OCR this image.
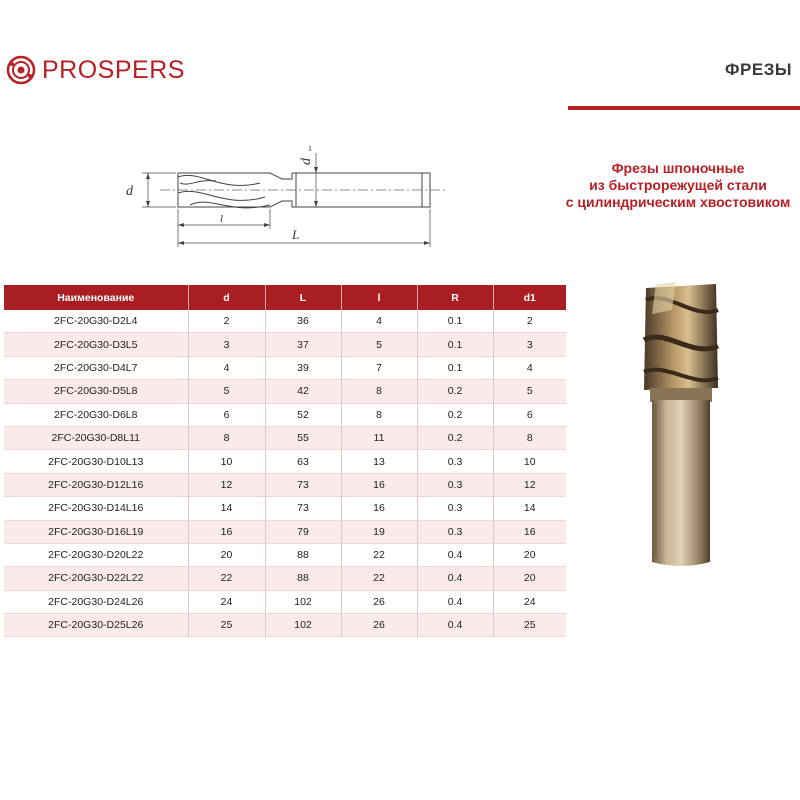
PROSPERS	ФРЕЗЫ
d
d
1
l
L
Фрезы шпоночные
из быстрорежущей стали
с цилиндрическим хвостовиком
Наименование	d	L	l	R	d1
2FC-20G30-D2L4	2	36	4	0.1	2
2FC-20G30-D3L5	3	37	5	0.1	3
2FC-20G30-D4L7	4	39	7	0.1	4
2FC-20G30-D5L8	5	42	8	0.2	5
2FC-20G30-D6L8	6	52	8	0.2	6
2FC-20G30-D8L11	8	55	11	0.2	8
2FC-20G30-D10L13	10	63	13	0.3	10
2FC-20G30-D12L16	12	73	16	0.3	12
2FC-20G30-D14L16	14	73	16	0.3	14
2FC-20G30-D16L19	16	79	19	0.3	16
2FC-20G30-D20L22	20	88	22	0.4	20
2FC-20G30-D22L22	22	88	22	0.4	20
2FC-20G30-D24L26	24	102	26	0.4	24
2FC-20G30-D25L26	25	102	26	0.4	25
